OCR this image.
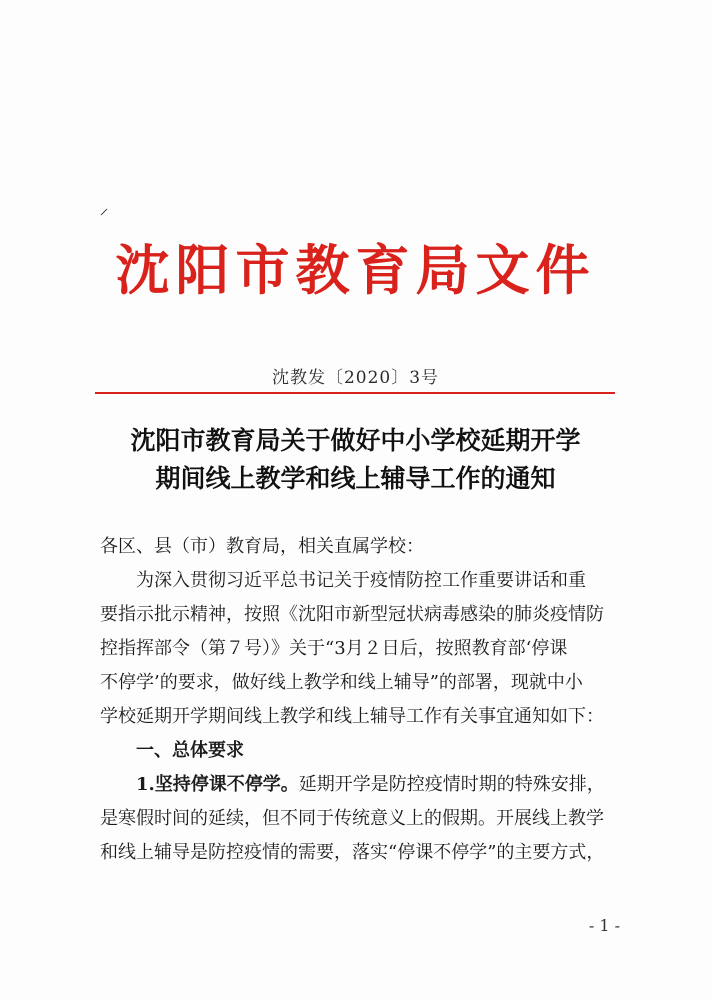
沈阳市教育局文件
沈教发〔2020〕3号
沈阳市教育局关于做好中小学校延期开学
期间线上教学和线上辅导工作的通知
各区、县（市）教育局，相关直属学校：
为深入贯彻习近平总书记关于疫情防控工作重要讲话和重
要指示批示精神，按照《沈阳市新型冠状病毒感染的肺炎疫情防
控指挥部令（第７号）》关于“3月２日后，按照教育部‘停课
不停学’的要求，做好线上教学和线上辅导”的部署，现就中小
学校延期开学期间线上教学和线上辅导工作有关事宜通知如下：
一、总体要求
1.坚持停课不停学。延期开学是防控疫情时期的特殊安排，
是寒假时间的延续，但不同于传统意义上的假期。开展线上教学
和线上辅导是防控疫情的需要，落实“停课不停学”的主要方式，
- 1 -
